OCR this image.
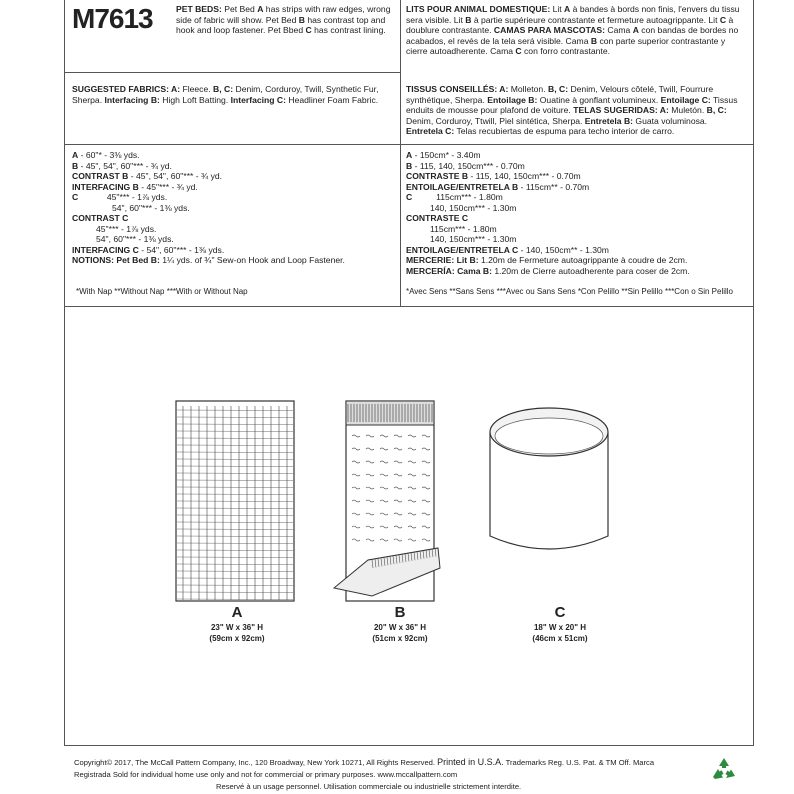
M7613	PET BEDS: Pet Bed A has strips with raw edges, wrong side of fabric will show. Pet Bed B has contrast top and hook and loop fastener. Pet Bbed C has contrast lining.
LITS POUR ANIMAL DOMESTIQUE: Lit A à bandes à bords non finis, l'envers du tissu sera visible. Lit B à partie supérieure contrastante et fermeture autoagrippante. Lit C à doublure contrastante. CAMAS PARA MASCOTAS: Cama A con bandas de bordes no acabados, el revés de la tela será visible. Cama B con parte superior contrastante y cierre autoadherente. Cama C con forro contrastante.
SUGGESTED FABRICS: A: Fleece. B, C: Denim, Corduroy, Twill, Synthetic Fur, Sherpa. Interfacing B: High Loft Batting. Interfacing C: Headliner Foam Fabric.
TISSUS CONSEILLÉS: A: Molleton. B, C: Denim, Velours côtelé, Twill, Fourrure synthétique, Sherpa. Entoilage B: Ouatine à gonflant volumineux. Entoilage C: Tissus enduits de mousse pour plafond de voiture. TELAS SUGERIDAS: A: Muletón. B, C: Denim, Corduroy, Ttwill, Piel sintética, Sherpa. Entretela B: Guata voluminosa. Entretela C: Telas recubiertas de espuma para techo interior de carro.
A - 60"* - 3⅜ yds.
B - 45", 54", 60"*** - ¾ yd.
CONTRAST B - 45", 54", 60"*** - ¾ yd.
INTERFACING B - 45"*** - ¾ yd.
C            45"*** - 1⅞ yds.
54", 60"*** - 1⅜ yds.
CONTRAST C
45"*** - 1⅞ yds.
54", 60"*** - 1⅜ yds.
INTERFACING C - 54", 60"*** - 1⅜ yds.
NOTIONS: Pet Bed B: 1¼ yds. of ¾" Sew-on Hook and Loop Fastener.
A - 150cm* - 3.40m
B - 115, 140, 150cm*** - 0.70m
CONTRASTE B - 115, 140, 150cm*** - 0.70m
ENTOILAGE/ENTRETELA B - 115cm** - 0.70m
C          115cm*** - 1.80m
140, 150cm*** - 1.30m
CONTRASTE C
115cm*** - 1.80m
140, 150cm*** - 1.30m
ENTOILAGE/ENTRETELA C - 140, 150cm** - 1.30m
MERCERIE: Lit B: 1.20m de Fermeture autoagrippante à coudre de 2cm.
MERCERÍA: Cama B: 1.20m de Cierre autoadherente para coser de 2cm.
*With Nap **Without Nap ***With or Without Nap	*Avec Sens **Sans Sens ***Avec ou Sans Sens *Con Pelillo **Sin Pelillo ***Con o Sin Pelillo
A
23" W x 36" H
(59cm x 92cm)
B
20" W x 36" H
(51cm x 92cm)
C
18" W x 20" H
(46cm x 51cm)
Copyright© 2017, The McCall Pattern Company, Inc., 120 Broadway, New York 10271, All Rights Reserved. Printed in U.S.A. Trademarks Reg. U.S. Pat. & TM Off. Marca
Registrada Sold for individual home use only and not for commercial or primary purposes. www.mccallpattern.com
Reservé à un usage personnel. Utilisation commerciale ou industrielle strictement interdite.
